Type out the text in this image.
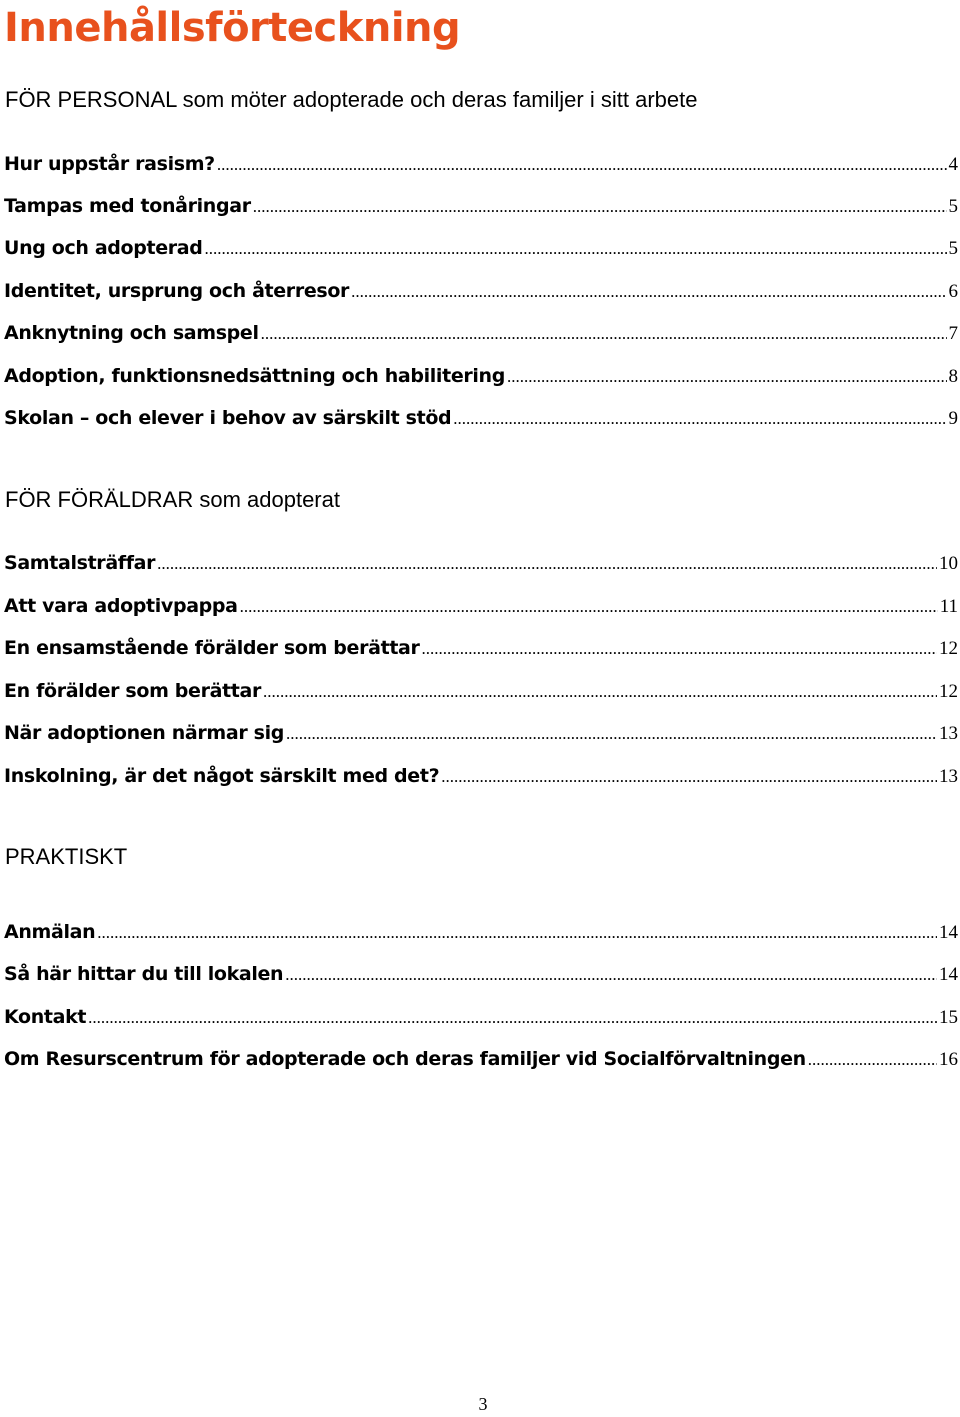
Innehållsförteckning
FÖR PERSONAL som möter adopterade och deras familjer i sitt arbete
Hur uppstår rasism? .....	4
Tampas med tonåringar .....	5
Ung och adopterad .....	5
Identitet, ursprung och återresor .....	6
Anknytning och samspel .....	7
Adoption, funktionsnedsättning och habilitering .....	8
Skolan – och elever i behov av särskilt stöd .....	9
FÖR FÖRÄLDRAR som adopterat
Samtalsträffar .....	10
Att vara adoptivpappa .....	11
En ensamstående förälder som berättar .....	12
En förälder som berättar .....	12
När adoptionen närmar sig .....	13
Inskolning, är det något särskilt med det? .....	13
PRAKTISKT
Anmälan .....	14
Så här hittar du till lokalen .....	14
Kontakt .....	15
Om Resurscentrum för adopterade och deras familjer vid Socialförvaltningen .....	16

3
